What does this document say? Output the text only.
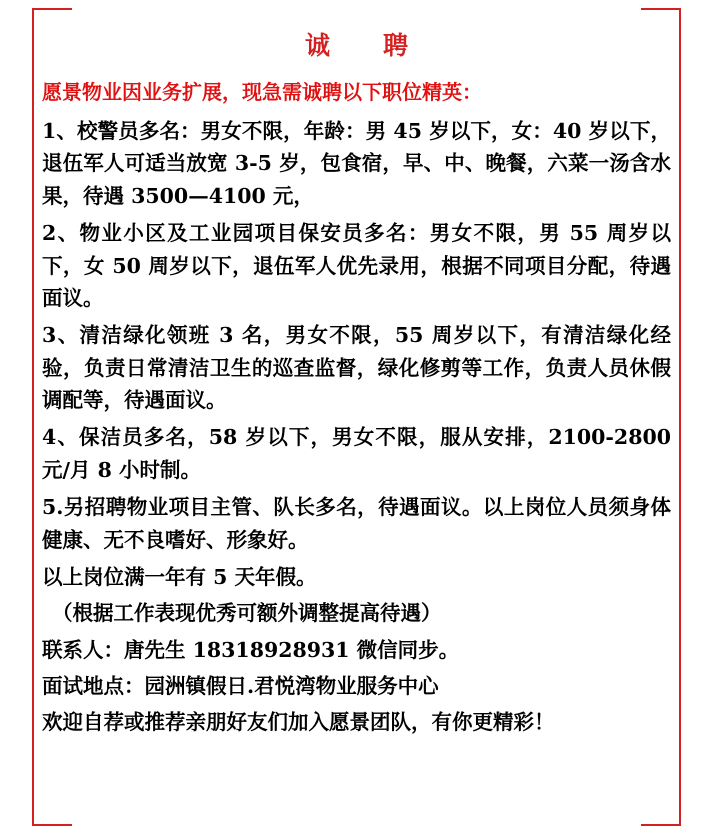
诚　聘
愿景物业因业务扩展，现急需诚聘以下职位精英：

1、校警员多名：男女不限，年龄：男 45 岁以下，女：40 岁以下，退伍军人可适当放宽 3-5 岁，包食宿，早、中、晚餐，六菜一汤含水果，待遇 3500—4100 元，

2、物业小区及工业园项目保安员多名：男女不限，男 55 周岁以下，女 50 周岁以下，退伍军人优先录用，根据不同项目分配，待遇面议。

3、清洁绿化领班 3 名，男女不限，55 周岁以下，有清洁绿化经验，负责日常清洁卫生的巡查监督，绿化修剪等工作，负责人员休假调配等，待遇面议。

4、保洁员多名，58 岁以下，男女不限，服从安排，2100-2800 元/月 8 小时制。

5.另招聘物业项目主管、队长多名，待遇面议。以上岗位人员须身体健康、无不良嗜好、形象好。

以上岗位满一年有 5 天年假。

（根据工作表现优秀可额外调整提高待遇）

联系人：唐先生 18318928931 微信同步。

面试地点：园洲镇假日.君悦湾物业服务中心

欢迎自荐或推荐亲朋好友们加入愿景团队，有你更精彩！
